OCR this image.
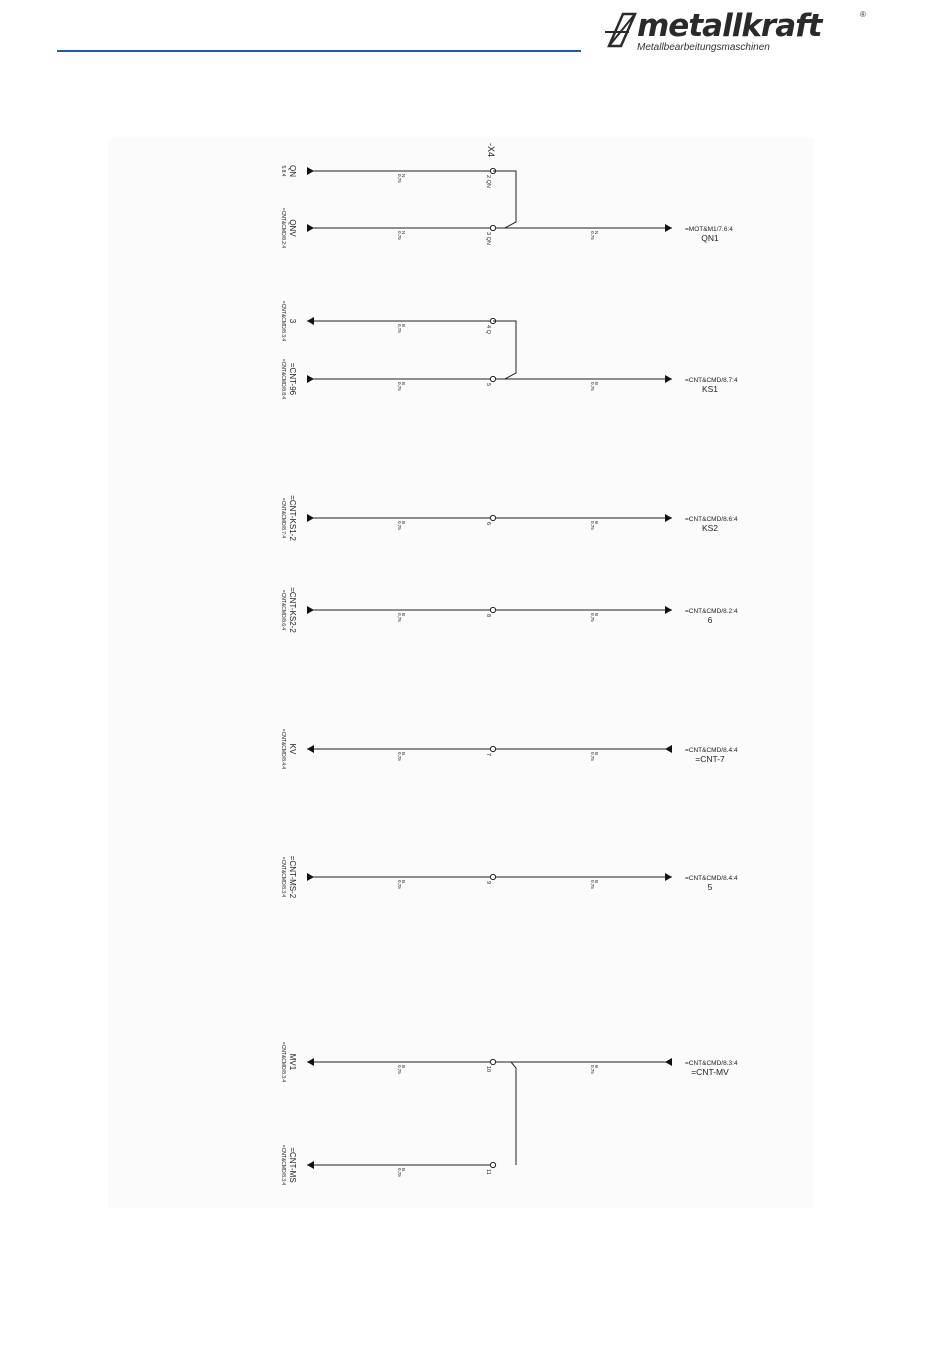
metallkraft	®
Metallbearbeitungsmaschinen
QN
5.8:4
2 QN
N
0,75
QNV
=CNT&CMD/8.2:4	3 QN
N
0,75	N
0,75
=MOT&M1/7.6:4
QN1
3
=CNT&CMD/8.3:4	4 Q
B
0,75
=CNT-96
=CNT&CMD/8.8:4	5
B
0,75	B
0,75
=CNT&CMD/8.7:4
KS1
=CNT-KS1-2
=CNT&CMD/8.7:4	6
B
0,75	B
0,75
=CNT&CMD/8.6:4
KS2
=CNT-KS2-2
=CNT&CMD/8.6:4	8
B
0,75	B
0,75
=CNT&CMD/8.2:4
6
KV
=CNT&CMD/8.4:4	7
B
0,75	B
0,75
=CNT&CMD/8.4:4
=CNT-7
=CNT-MS-2
=CNT&CMD/8.3:4	9
B
0,75	B
0,75
=CNT&CMD/8.4:4
5
MV1
=CNT&CMD/8.3:4	10
B
0,75	B
0,75
=CNT&CMD/8.3:4
=CNT-MV
=CNT-MS
=CNT&CMD/8.3:4	11
B
0,75
-X4
